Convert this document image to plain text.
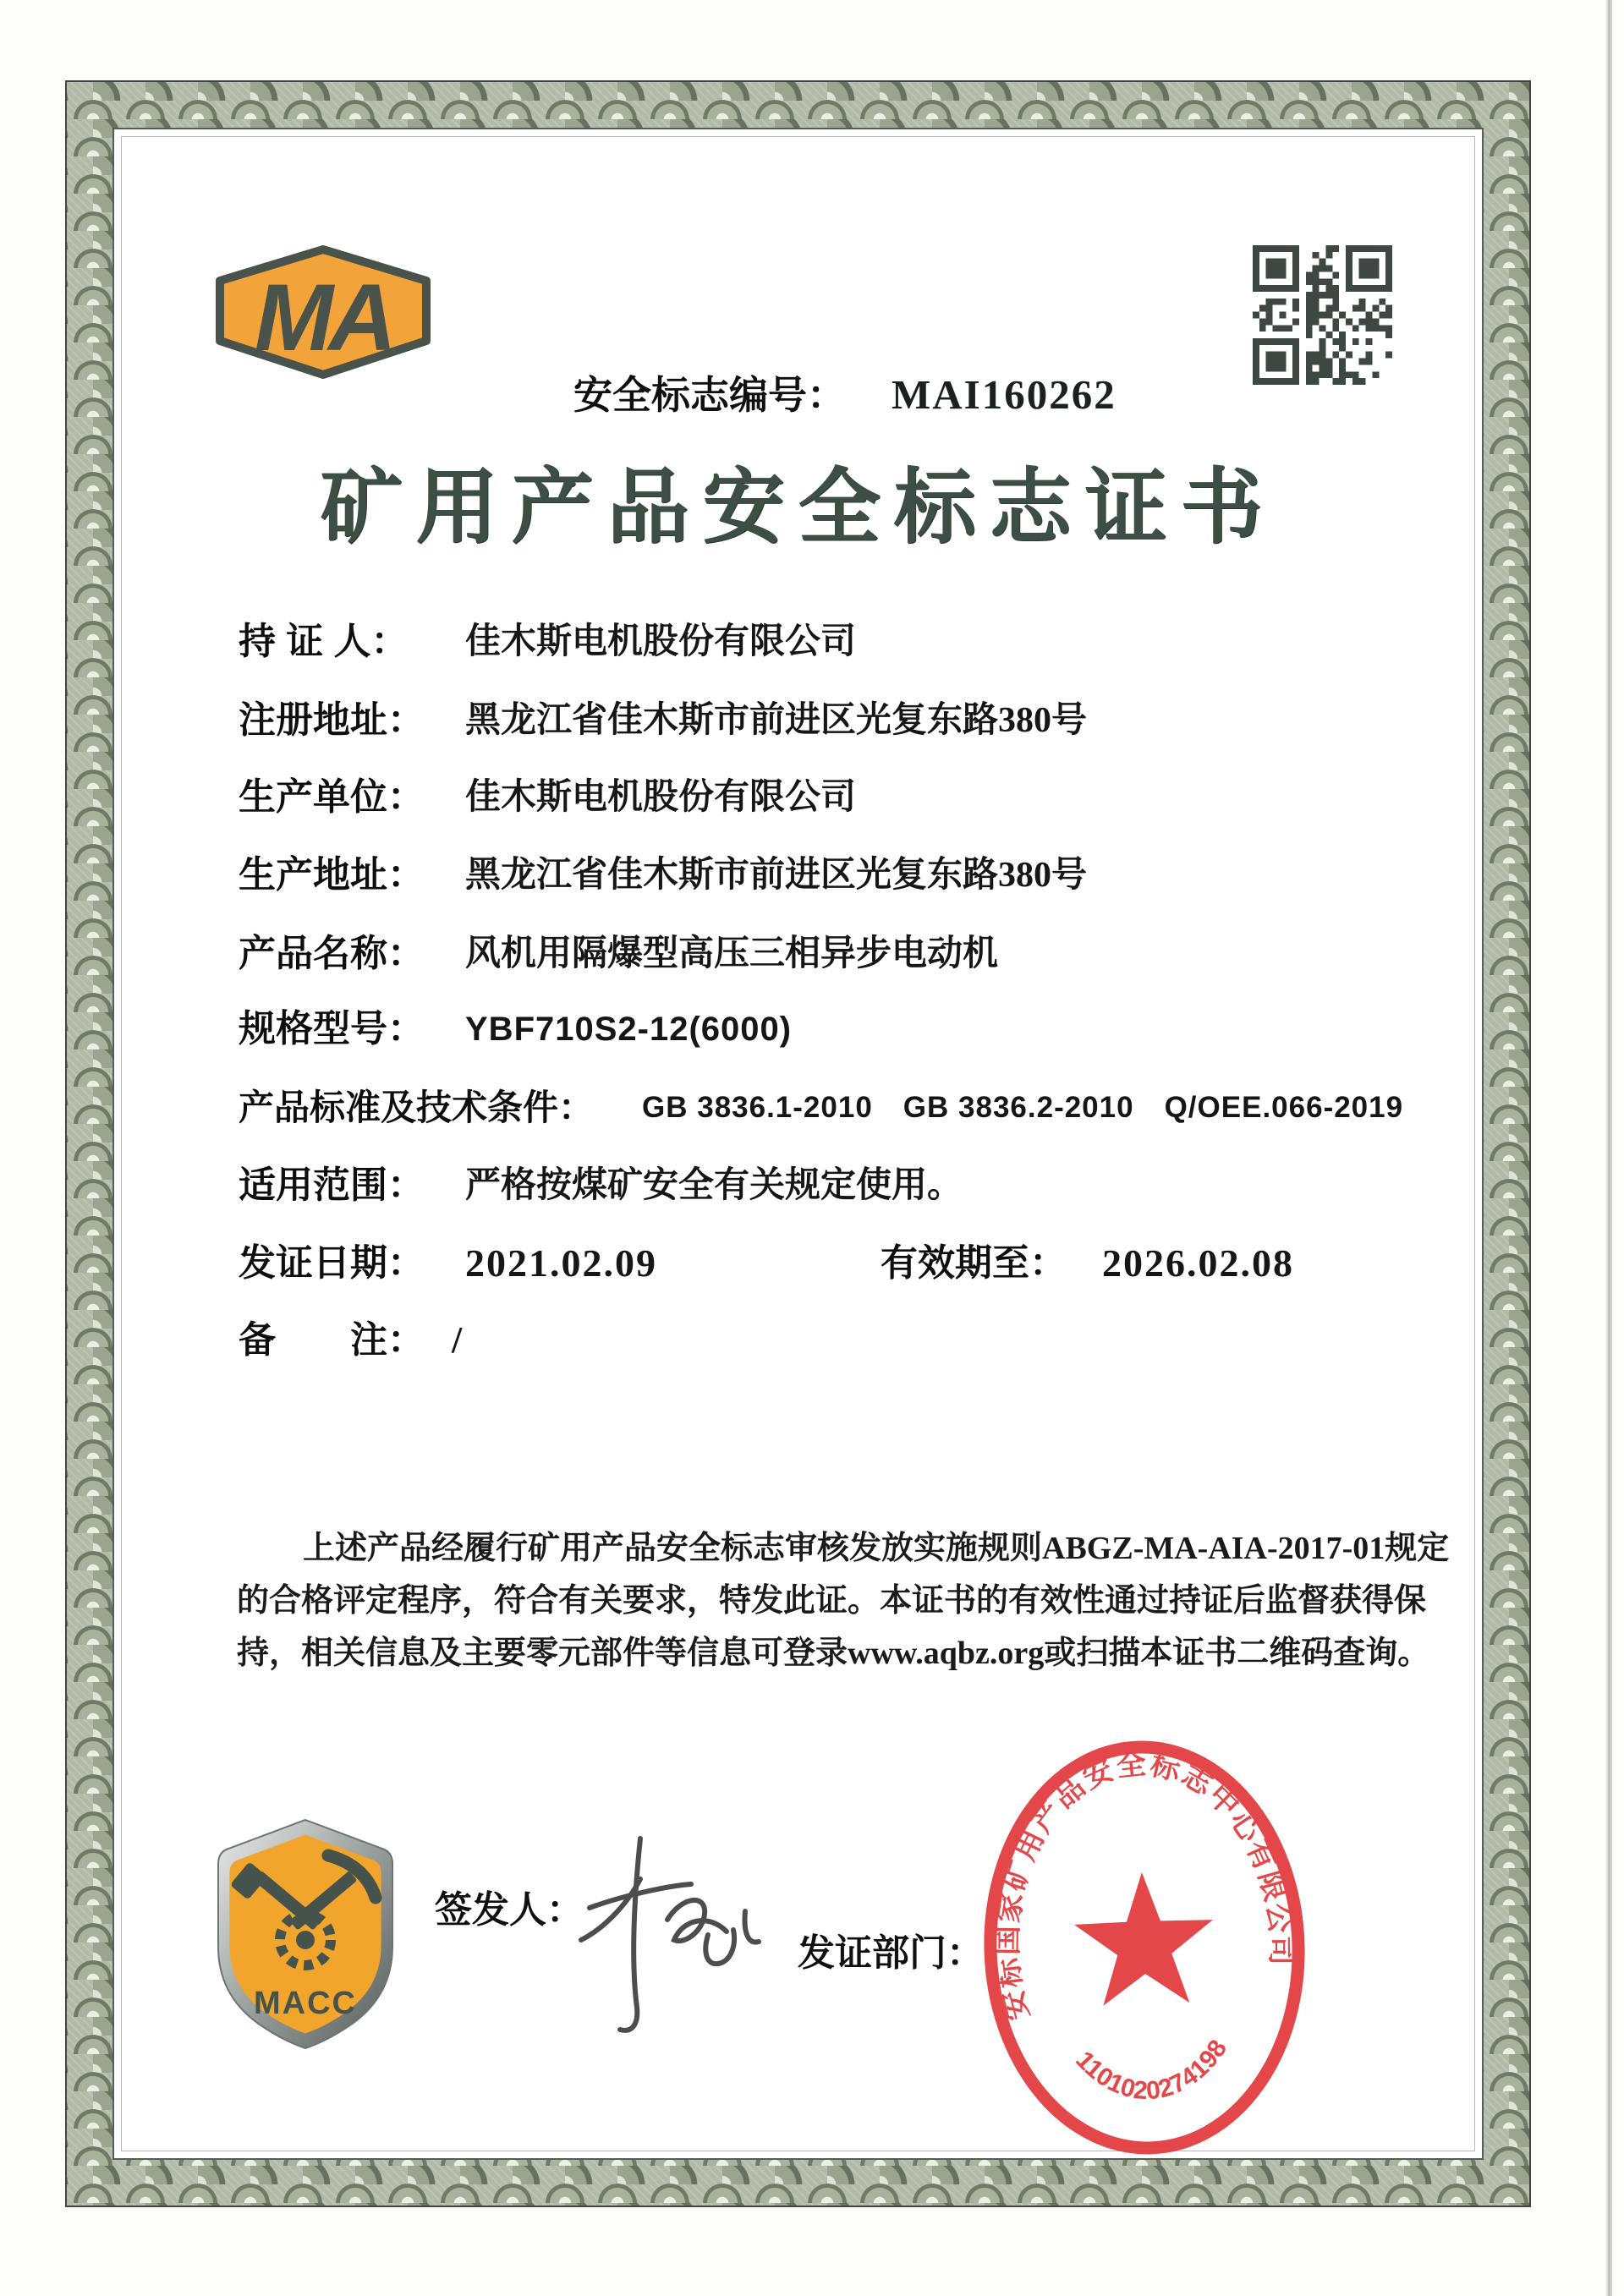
MA
安全标志编号： MAI160262
矿用产品安全标志证书
持 证 人： 佳木斯电机股份有限公司
注册地址： 黑龙江省佳木斯市前进区光复东路380号
生产单位： 佳木斯电机股份有限公司
生产地址： 黑龙江省佳木斯市前进区光复东路380号
产品名称： 风机用隔爆型高压三相异步电动机
规格型号： YBF710S2-12(6000)
产品标准及技术条件： GB 3836.1-2010　GB 3836.2-2010　Q/OEE.066-2019
适用范围： 严格按煤矿安全有关规定使用。
发证日期： 2021.02.09	有效期至： 2026.02.08
备　　注： /
上述产品经履行矿用产品安全标志审核发放实施规则ABGZ-MA-AIA-2017-01规定
的合格评定程序，符合有关要求，特发此证。本证书的有效性通过持证后监督获得保
持，相关信息及主要零元部件等信息可登录www.aqbz.org或扫描本证书二维码查询。
MACC
签发人：
发证部门：
安标国家矿用产品安全标志中心有限公司
1101020274198
